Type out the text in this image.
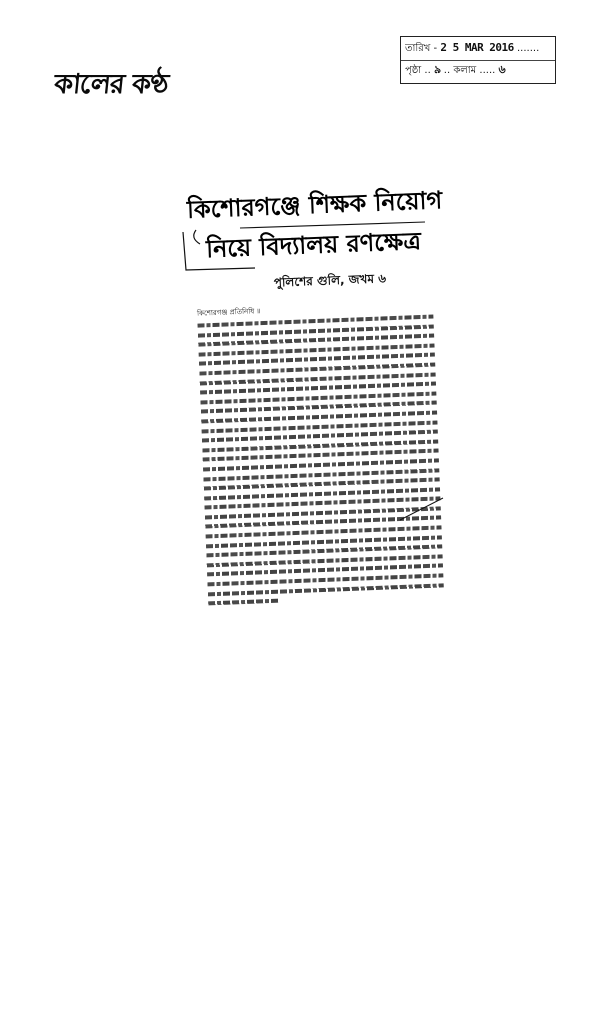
কালের কণ্ঠ
তারিখ - 2 5 MAR 2016 .......
পৃষ্ঠা .. ৯ .. কলাম ..... ৬
কিশোরগঞ্জে শিক্ষক নিয়োগ
নিয়ে বিদ্যালয় রণক্ষেত্র
পুলিশের গুলি, জখম ৬
কিশোরগঞ্জ প্রতিনিধি ॥
